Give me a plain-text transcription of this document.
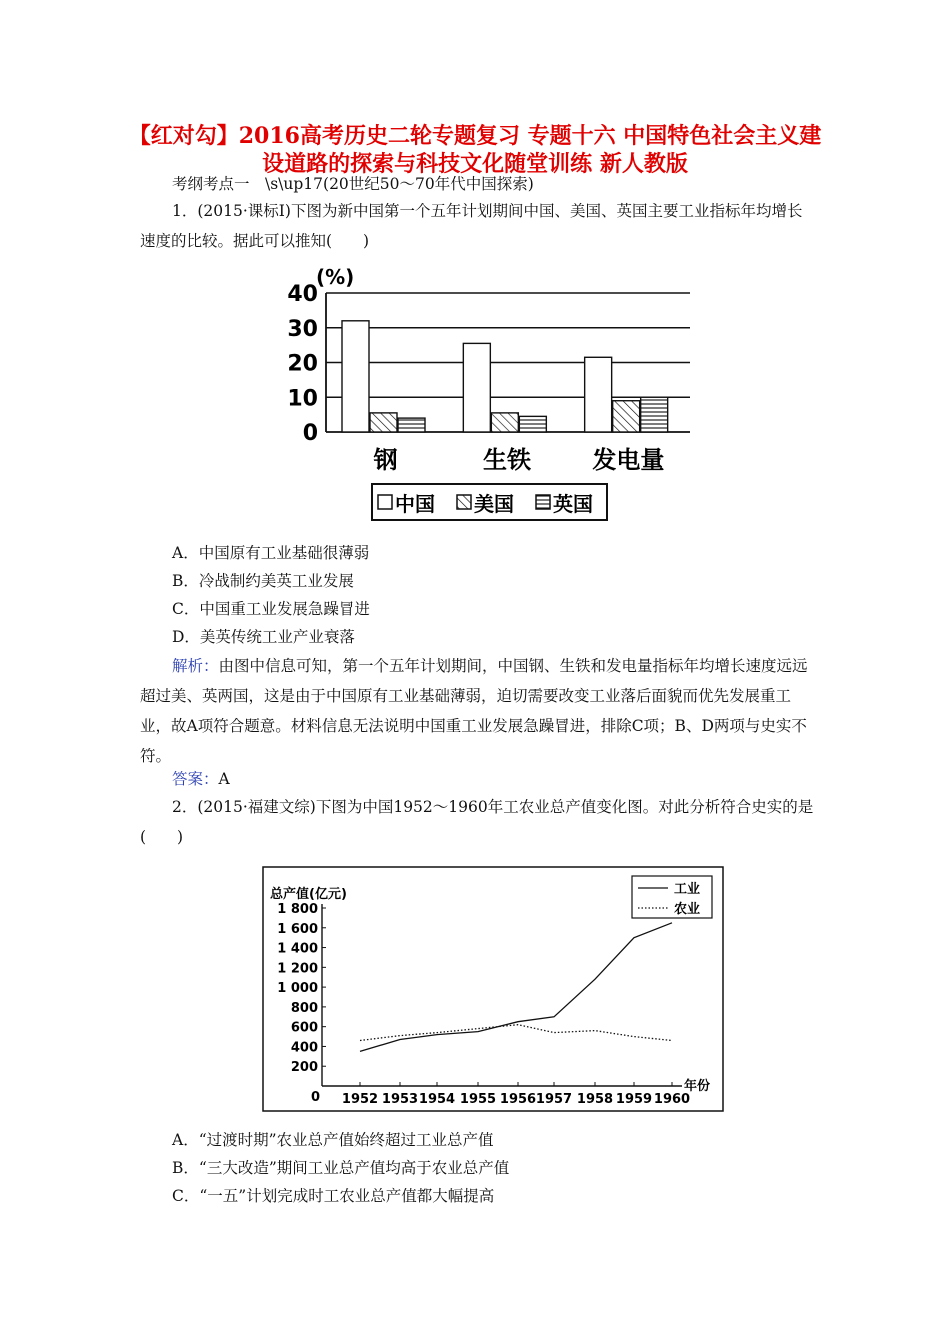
【红对勾】2016高考历史二轮专题复习 专题十六 中国特色社会主义建设道路的探索与科技文化随堂训练 新人教版

考纲考点一　\s\up17(20世纪50～70年代中国探索)

1．(2015·课标Ⅰ)下图为新中国第一个五年计划期间中国、美国、英国主要工业指标年均增长速度的比较。据此可以推知(　　)

(%)
40
30
20
10
0
钢	生铁	发电量
中国 美国 英国

A．中国原有工业基础很薄弱

B．冷战制约美英工业发展

C．中国重工业发展急躁冒进

D．美英传统工业产业衰落

解析：由图中信息可知，第一个五年计划期间，中国钢、生铁和发电量指标年均增长速度远远超过美、英两国，这是由于中国原有工业基础薄弱，迫切需要改变工业落后面貌而优先发展重工业，故A项符合题意。材料信息无法说明中国重工业发展急躁冒进，排除C项；B、D两项与史实不符。

答案：A

2．(2015·福建文综)下图为中国1952～1960年工农业总产值变化图。对此分析符合史实的是(　　)

总产值(亿元)	工业
农业
1 800
1 600
1 400
1 200
1 000
800
600
400
200
0 1952 1953 1954 1955 1956 1957 1958 1959 1960
年份

A．“过渡时期”农业总产值始终超过工业总产值

B．“三大改造”期间工业总产值均高于农业总产值

C．“一五”计划完成时工农业总产值都大幅提高
